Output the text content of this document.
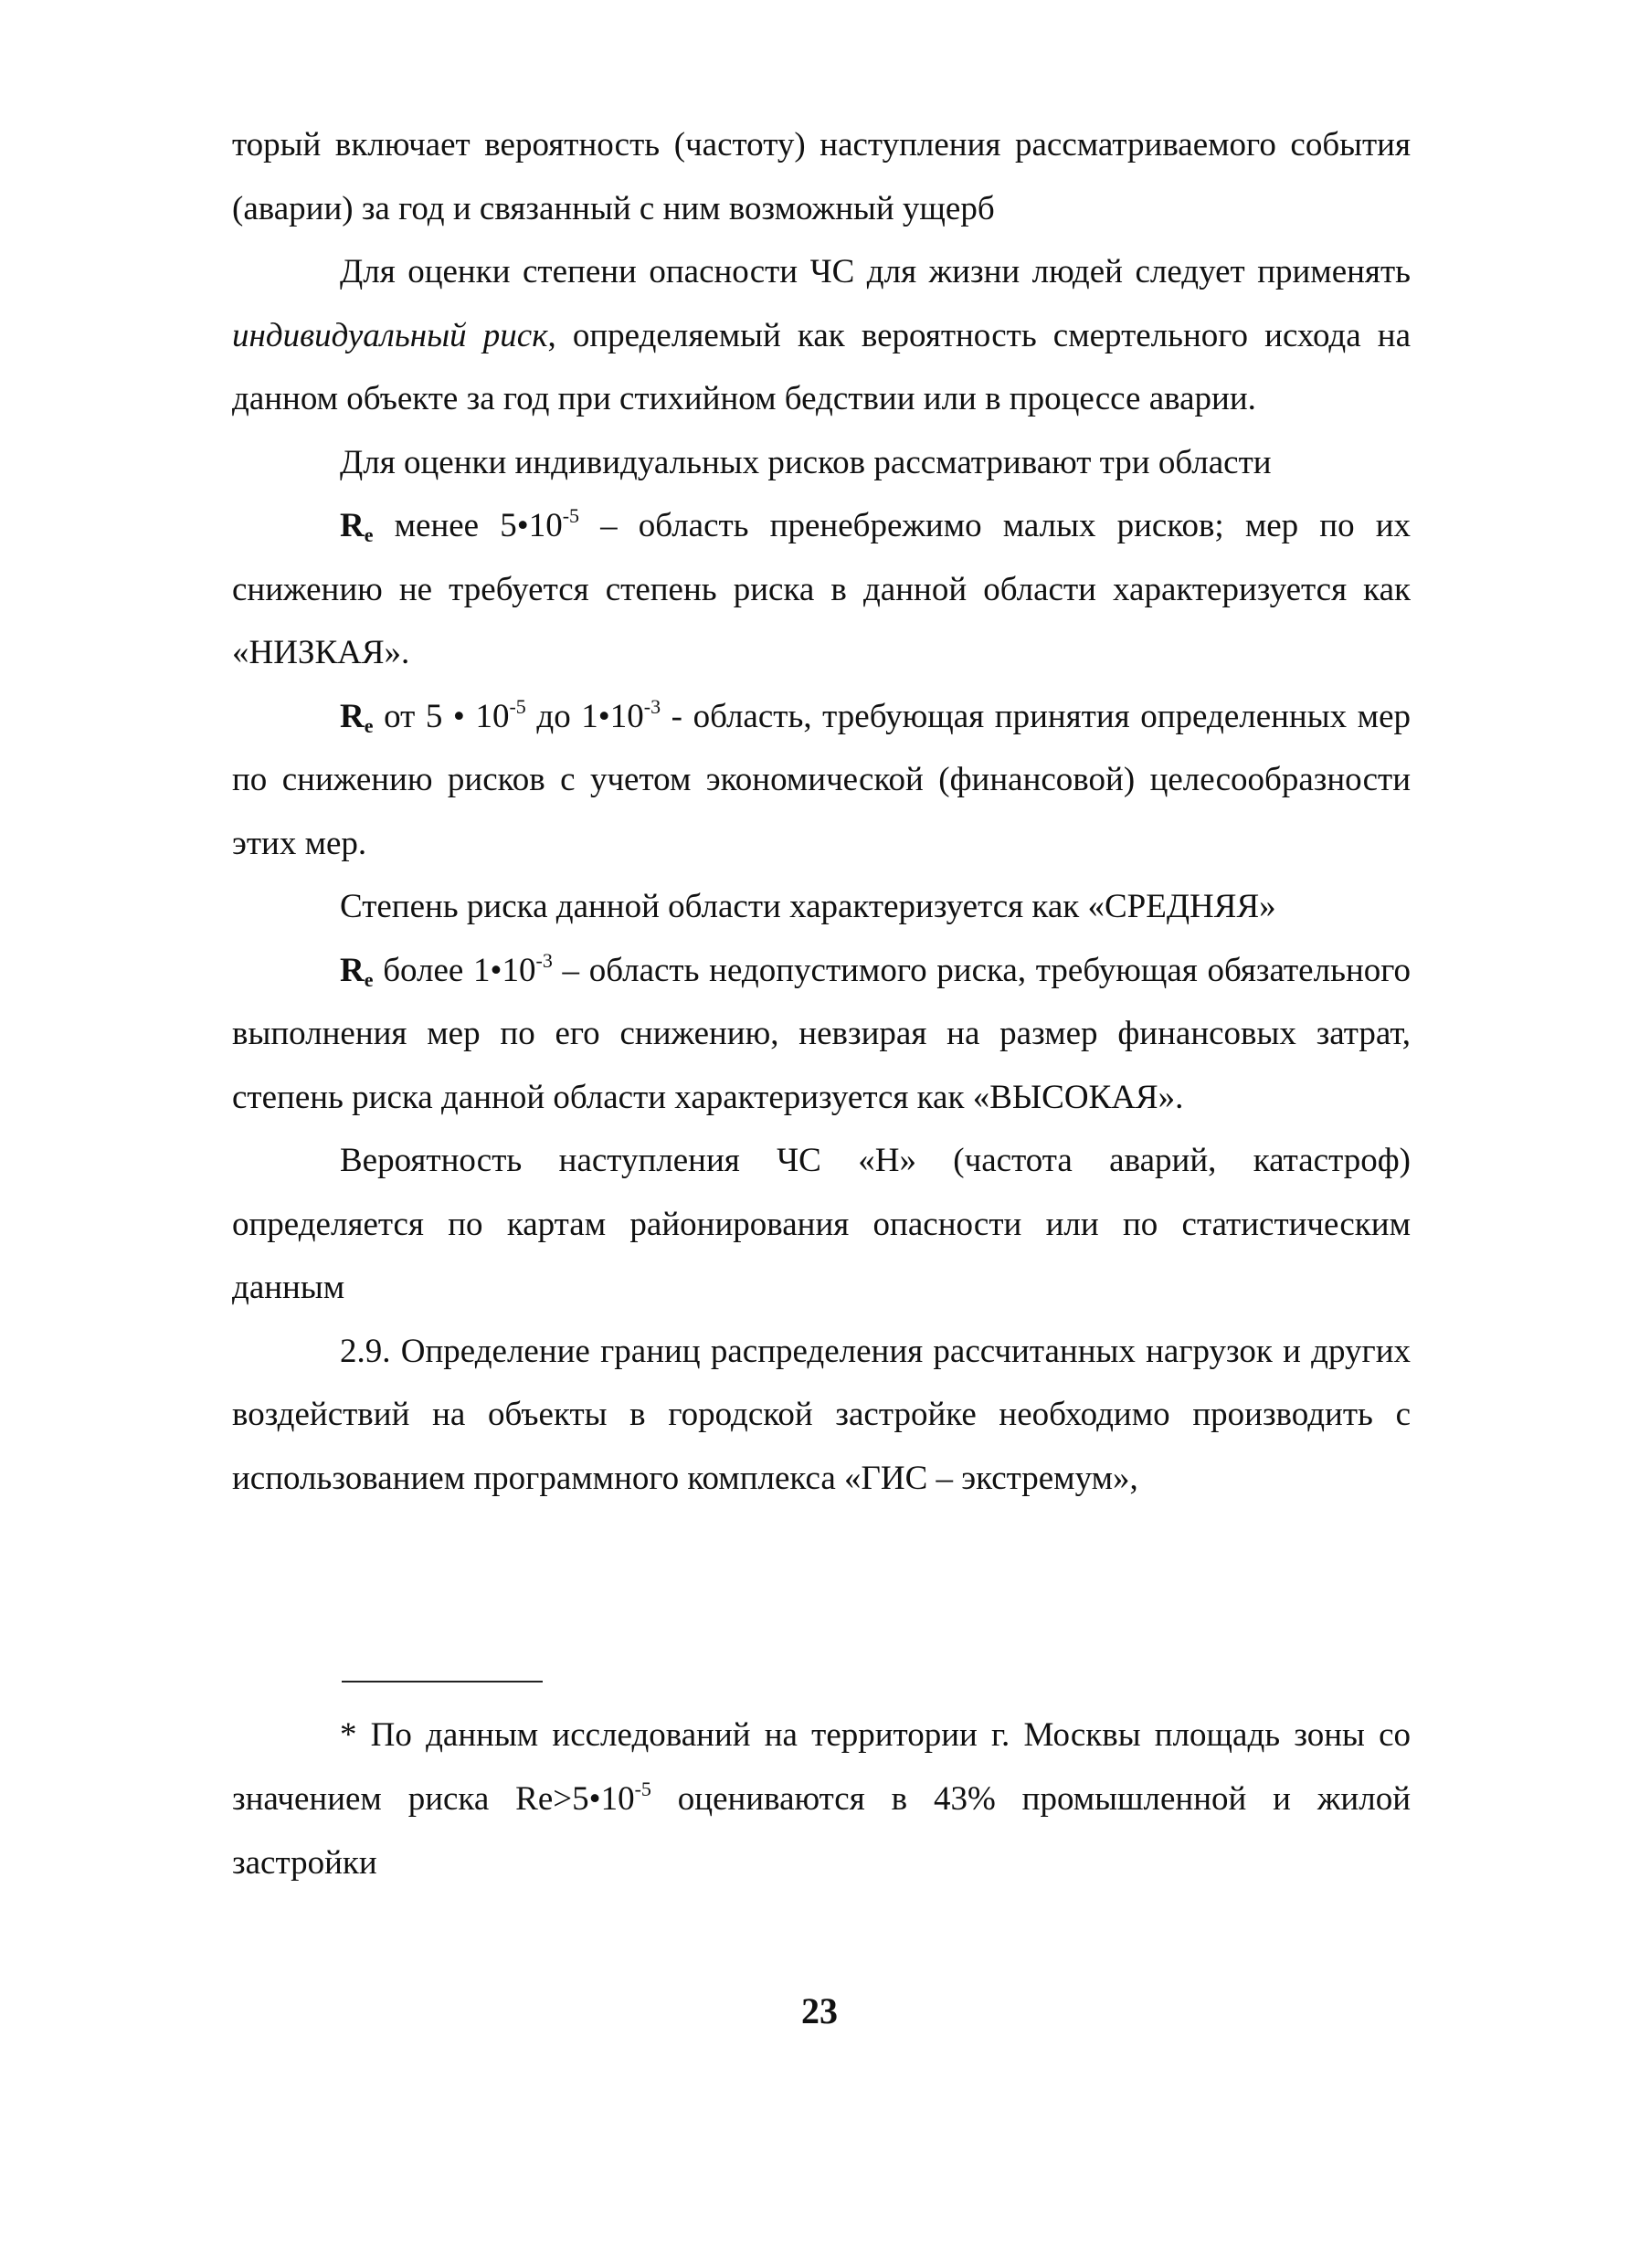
торый включает вероятность (частоту) наступления рассматриваемого события (аварии) за год и связанный с ним возможный ущерб

Для оценки степени опасности ЧС для жизни людей следует применять индивидуальный риск, определяемый как вероятность смертельного исхода на данном объекте за год при стихийном бедствии или в процессе аварии.

Для оценки индивидуальных рисков рассматривают три области

$R_e$ менее $5•10^{-5}$ – область пренебрежимо малых рисков; мер по их снижению не требуется степень риска в данной области характеризуется как «НИЗКАЯ».

$R_e$ от 5 • $10^{-5}$ до $1•10^{-3}$ - область, требующая принятия определенных мер по снижению рисков с учетом экономической (финансовой) целесообразности этих мер.

Степень риска данной области характеризуется как «СРЕДНЯЯ»

$R_e$ более $1•10^{-3}$ – область недопустимого риска, требующая обязательного выполнения мер по его снижению, невзирая на размер финансовых затрат, степень риска данной области характеризуется как «ВЫСОКАЯ».

Вероятность наступления ЧС «Н» (частота аварий, катастроф) определяется по картам районирования опасности или по статистическим данным

2.9. Определение границ распределения рассчитанных нагрузок и других воздействий на объекты в городской застройке необходимо производить с использованием программного комплекса «ГИС – экстремум»,

* По данным исследований на территории г. Москвы площадь зоны со значением риска $Re>5•10^{-5}$ оцениваются в 43% промышленной и жилой застройки

23
